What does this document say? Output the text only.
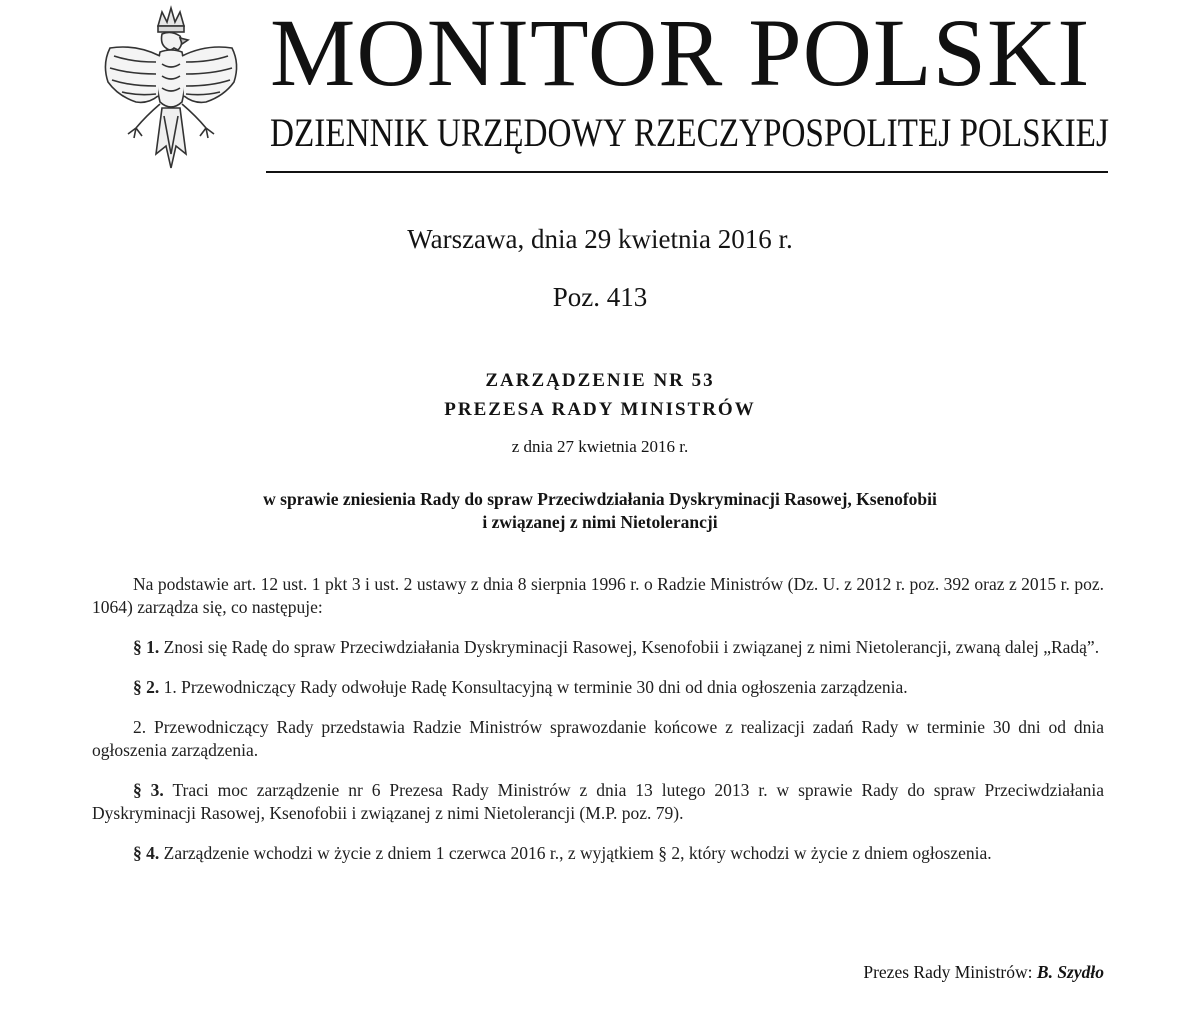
MONITOR POLSKI
DZIENNIK URZĘDOWY RZECZYPOSPOLITEJ POLSKIEJ
Warszawa, dnia 29 kwietnia 2016 r.
Poz. 413
ZARZĄDZENIE NR 53
PREZESA RADY MINISTRÓW
z dnia 27 kwietnia 2016 r.
w sprawie zniesienia Rady do spraw Przeciwdziałania Dyskryminacji Rasowej, Ksenofobii
i związanej z nimi Nietolerancji

Na podstawie art. 12 ust. 1 pkt 3 i ust. 2 ustawy z dnia 8 sierpnia 1996 r. o Radzie Ministrów (Dz. U. z 2012 r. poz. 392 oraz z 2015 r. poz. 1064) zarządza się, co następuje:

§ 1. Znosi się Radę do spraw Przeciwdziałania Dyskryminacji Rasowej, Ksenofobii i związanej z nimi Nietolerancji, zwaną dalej „Radą”.

§ 2. 1. Przewodniczący Rady odwołuje Radę Konsultacyjną w terminie 30 dni od dnia ogłoszenia zarządzenia.

2. Przewodniczący Rady przedstawia Radzie Ministrów sprawozdanie końcowe z realizacji zadań Rady w terminie 30 dni od dnia ogłoszenia zarządzenia.

§ 3. Traci moc zarządzenie nr 6 Prezesa Rady Ministrów z dnia 13 lutego 2013 r. w sprawie Rady do spraw Przeciwdziałania Dyskryminacji Rasowej, Ksenofobii i związanej z nimi Nietolerancji (M.P. poz. 79).

§ 4. Zarządzenie wchodzi w życie z dniem 1 czerwca 2016 r., z wyjątkiem § 2, który wchodzi w życie z dniem ogłoszenia.

Prezes Rady Ministrów: B. Szydło
